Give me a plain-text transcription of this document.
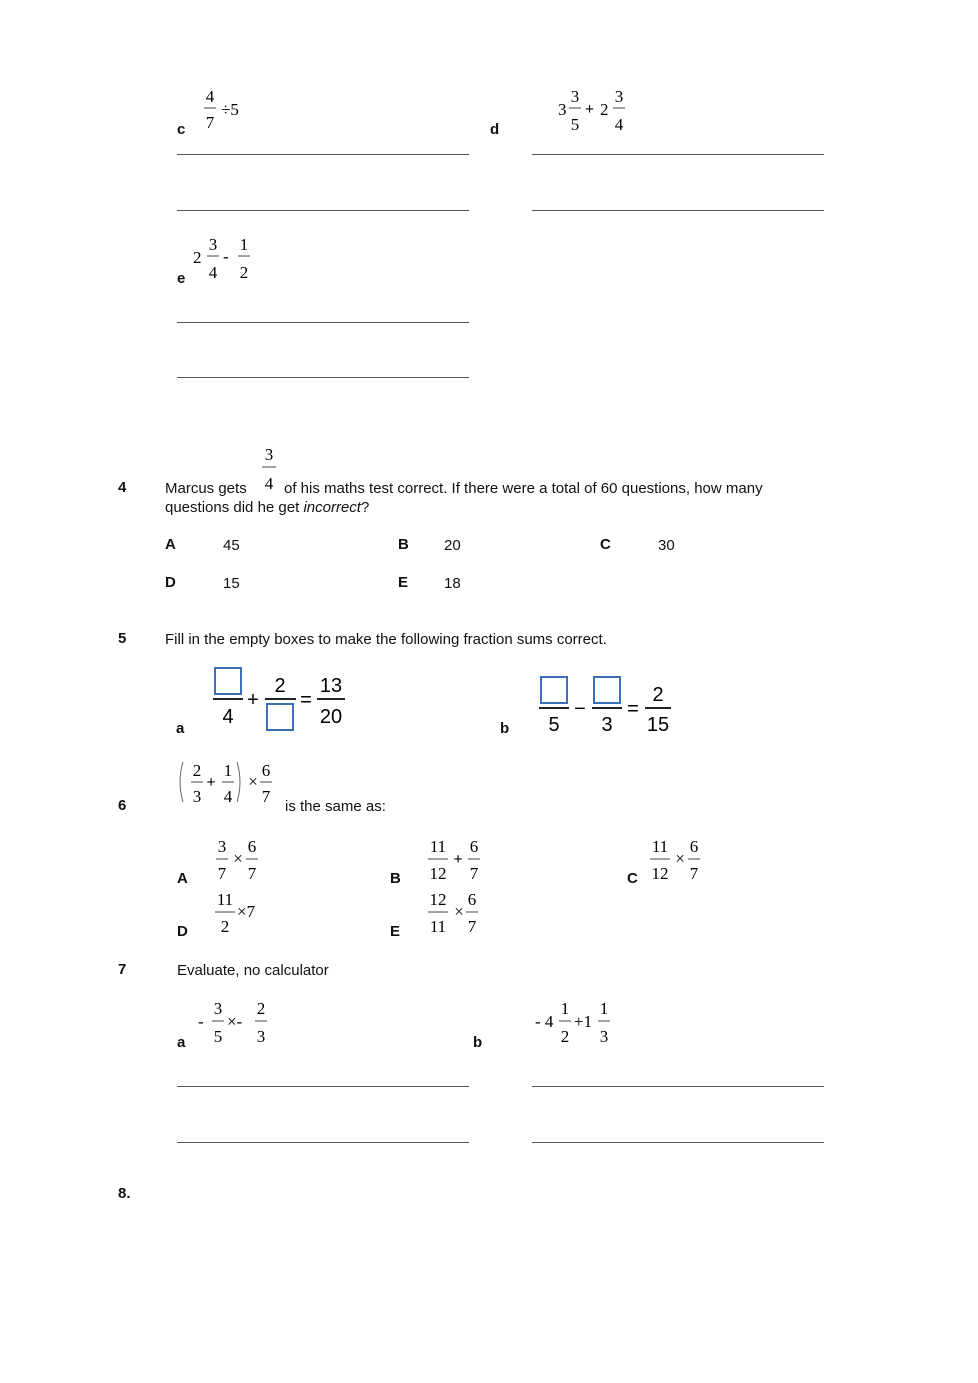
c
4
7
÷5
d
3
3
5
+ 2
3
4
e
2
3
4
-
1
2
4	Marcus gets
3
4 of his maths test correct. If there were a total of 60 questions, how many
questions did he get incorrect?
A	45	B 20	C	30
D	15	E 18
5	Fill in the empty boxes to make the following fraction sums correct.
a
4
+
2
=
13
20
b 5
−
3
=
2
15
6
2
3
+
1
4
×
6
7
is the same as:
A
3
7
×
6
7	B
11
12
+
6
7	C
11
12
×
6
7
D
11
2
×7
E
12
11
×
6
7
7	Evaluate, no calculator
a
-
3
5
×-
2
3	b
- 4
1
2
+1
1
3
8.
